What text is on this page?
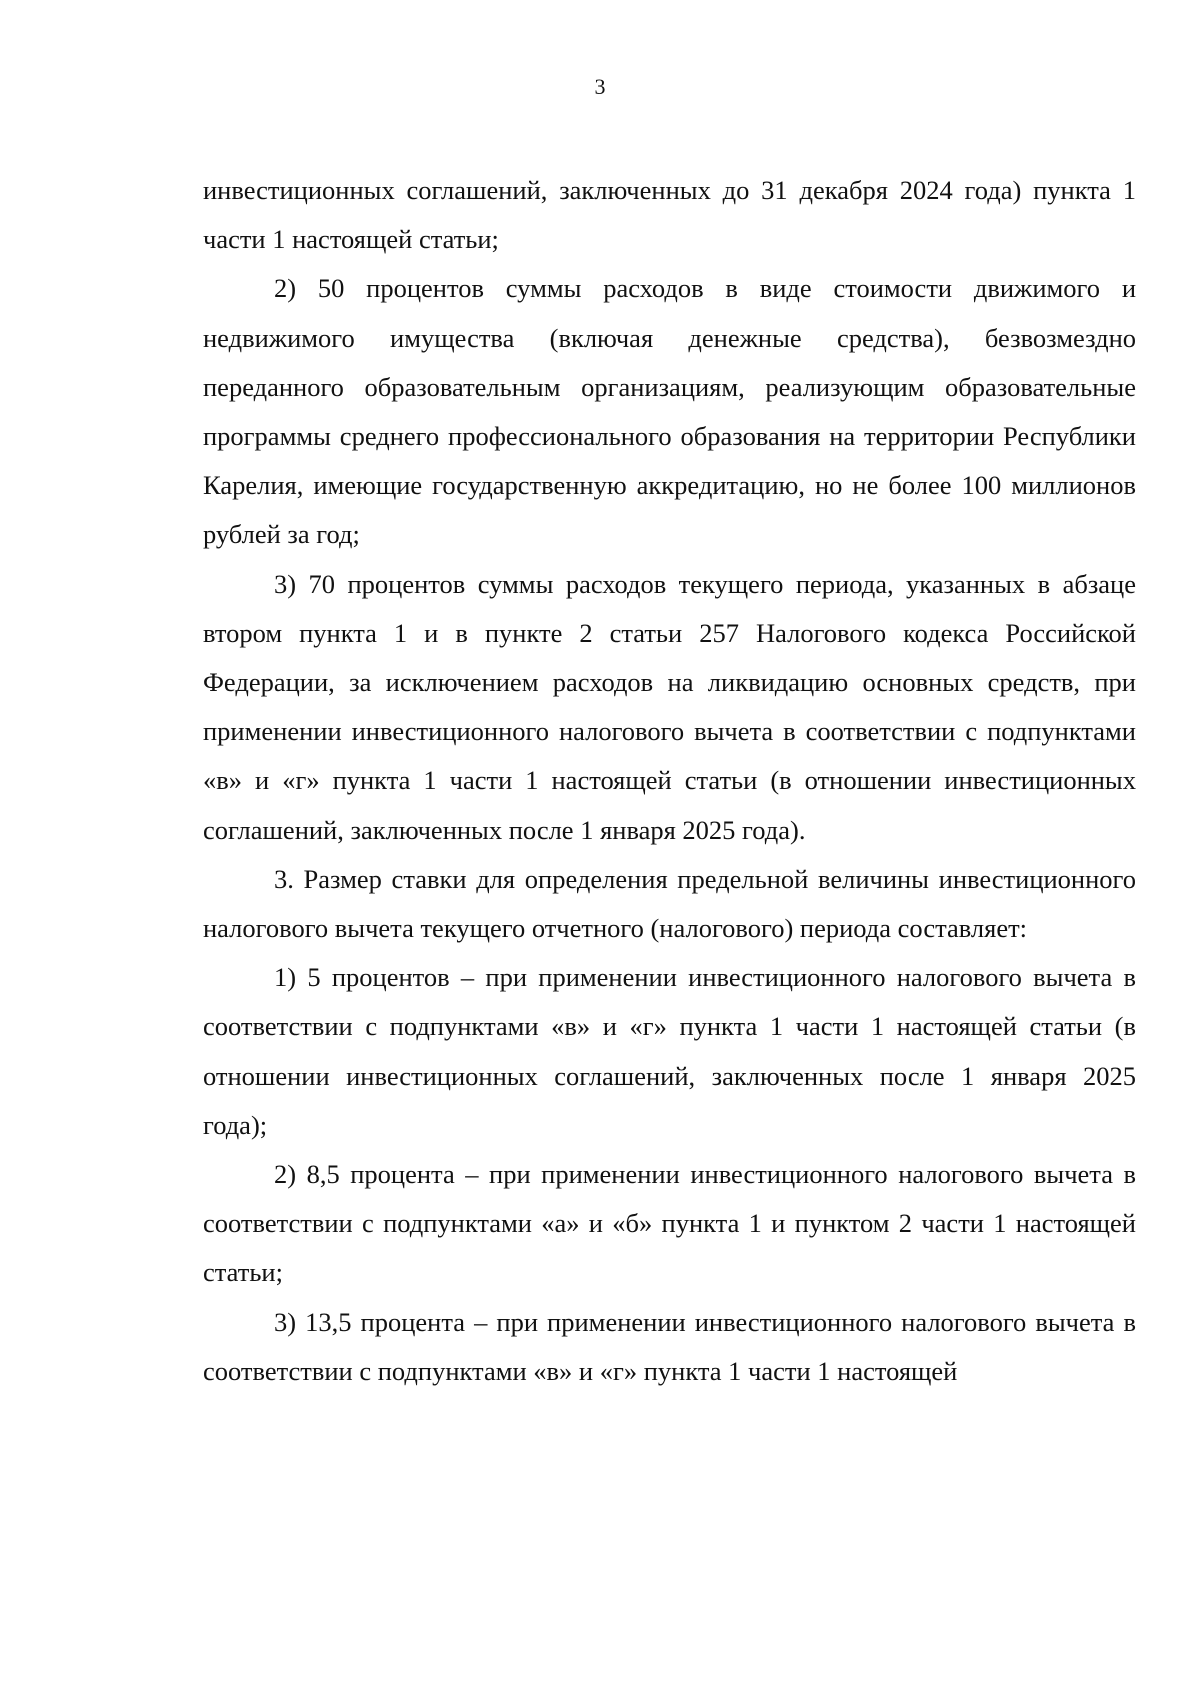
3

инвестиционных соглашений, заключенных до 31 декабря 2024 года) пункта 1 части 1 настоящей статьи;

2) 50 процентов суммы расходов в виде стоимости движимого и недвижимого имущества (включая денежные средства), безвозмездно переданного образовательным организациям, реализующим образовательные программы среднего профессионального образования на территории Республики Карелия, имеющие государственную аккредитацию, но не более 100 миллионов рублей за год;

3) 70 процентов суммы расходов текущего периода, указанных в абзаце втором пункта 1 и в пункте 2 статьи 257 Налогового кодекса Российской Федерации, за исключением расходов на ликвидацию основных средств, при применении инвестиционного налогового вычета в соответствии с подпунктами «в» и «г» пункта 1 части 1 настоящей статьи (в отношении инвестиционных соглашений, заключенных после 1 января 2025 года).

3. Размер ставки для определения предельной величины инвестиционного налогового вычета текущего отчетного (налогового) периода составляет:

1) 5 процентов – при применении инвестиционного налогового вычета в соответствии с подпунктами «в» и «г» пункта 1 части 1 настоящей статьи (в отношении инвестиционных соглашений, заключенных после 1 января 2025 года);

2) 8,5 процента – при применении инвестиционного налогового вычета в соответствии с подпунктами «а» и «б» пункта 1 и пунктом 2 части 1 настоящей статьи;

3) 13,5 процента – при применении инвестиционного налогового вычета в соответствии с подпунктами «в» и «г» пункта 1 части 1 настоящей
